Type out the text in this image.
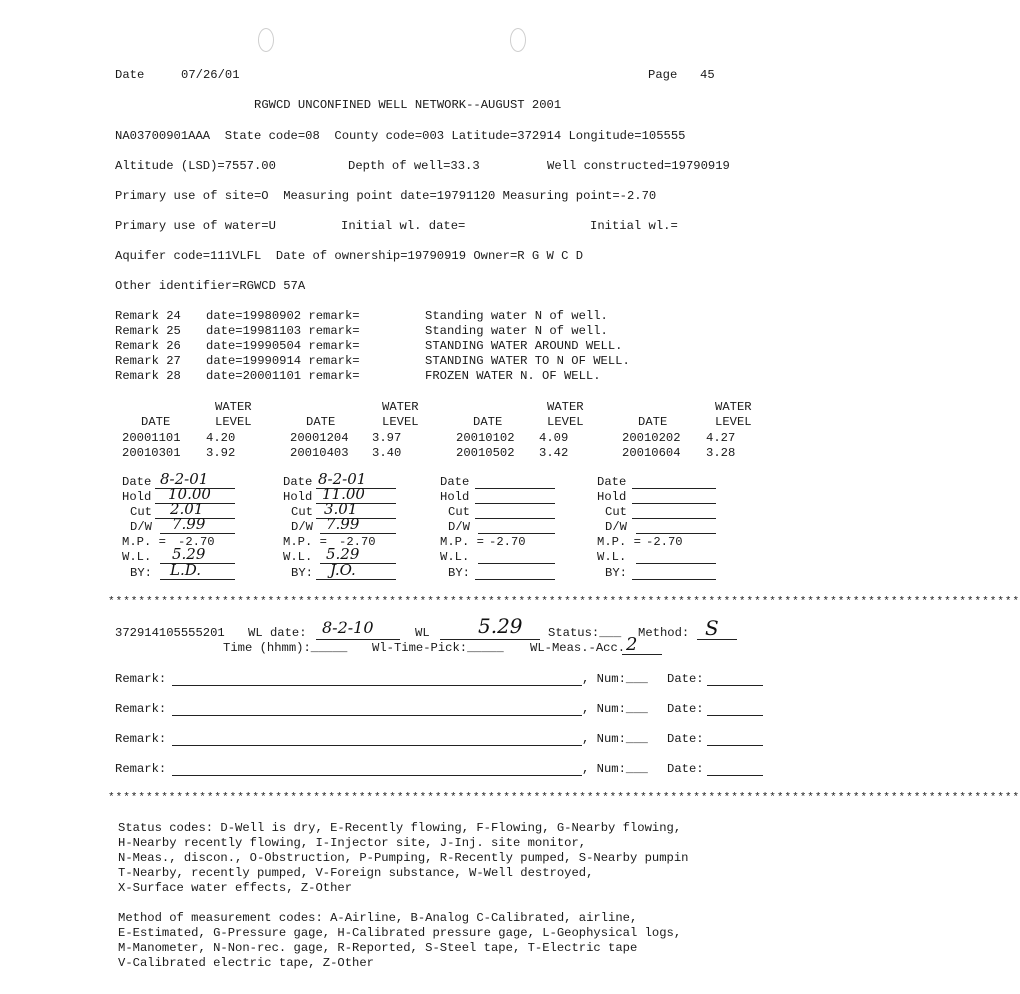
Date	07/26/01	Page 45
RGWCD UNCONFINED WELL NETWORK--AUGUST 2001
NA03700901AAA  State code=08  County code=003 Latitude=372914 Longitude=105555
Altitude (LSD)=7557.00	Depth of well=33.3	Well constructed=19790919
Primary use of site=O  Measuring point date=19791120 Measuring point=-2.70
Primary use of water=U	Initial wl. date=	Initial wl.=
Aquifer code=111VLFL  Date of ownership=19790919 Owner=R G W C D
Other identifier=RGWCD 57A
Remark 24 date=19980902 remark=	Standing water N of well.
Remark 25 date=19981103 remark=	Standing water N of well.
Remark 26 date=19990504 remark=	STANDING WATER AROUND WELL.
Remark 27 date=19990914 remark=	STANDING WATER TO N OF WELL.
Remark 28 date=20001101 remark=	FROZEN WATER N. OF WELL.
WATER	WATER	WATER	WATER
DATE	LEVEL	DATE	LEVEL	DATE	LEVEL	DATE	LEVEL
20001101 4.20	20001204 3.97	20010102 4.09	20010202 4.27
20010301 3.92	20010403 3.40	20010502 3.42	20010604 3.28
Date 8-2-01
Hold 10.00
Cut 2.01
D/W 7.99
M.P. = -2.70
W.L. 5.29
BY: L.D.
Date 8-2-01
Hold 11.00
Cut 3.01
D/W 7.99
M.P. = -2.70
W.L. 5.29
BY: J.O.
Date
Hold
Cut
D/W
M.P. = -2.70
W.L.
BY:
Date
Hold
Cut
D/W
M.P. = -2.70
W.L.
BY:
************************************************************************************************************************
372914105555201 WL date: 8-2-10	WL 5.29 Status:___ Method: S
Time (hhmm):_____ Wl-Time-Pick:_____ WL-Meas.-Acc. 2
Remark:	, Num:___ Date:
Remark:	, Num:___ Date:
Remark:	, Num:___ Date:
Remark:	, Num:___ Date:
************************************************************************************************************************
Status codes: D-Well is dry, E-Recently flowing, F-Flowing, G-Nearby flowing,
H-Nearby recently flowing, I-Injector site, J-Inj. site monitor,
N-Meas., discon., O-Obstruction, P-Pumping, R-Recently pumped, S-Nearby pumpin
T-Nearby, recently pumped, V-Foreign substance, W-Well destroyed,
X-Surface water effects, Z-Other
Method of measurement codes: A-Airline, B-Analog C-Calibrated, airline,
E-Estimated, G-Pressure gage, H-Calibrated pressure gage, L-Geophysical logs,
M-Manometer, N-Non-rec. gage, R-Reported, S-Steel tape, T-Electric tape
V-Calibrated electric tape, Z-Other
